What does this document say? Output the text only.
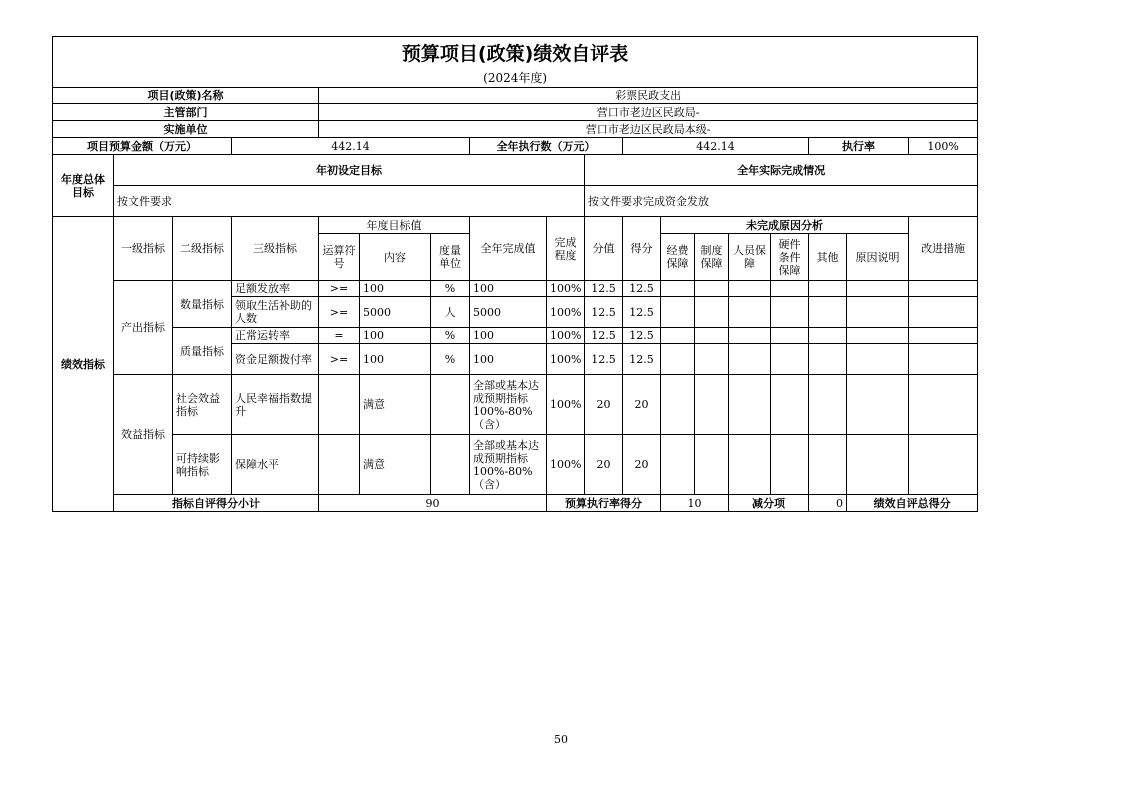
预算项目(政策)绩效自评表																		
(2024年度)																		
项目(政策)名称				彩票民政支出														
主管部门				营口市老边区民政局-														
实施单位				营口市老边区民政局本级-														
项目预算金额（万元）			442.14				全年执行数（万元）			442.14					执行率		100%	
年度总体目标	年初设定目标								全年实际完成情况									
	按文件要求								按文件要求完成资金发放									
绩效指标	一级指标	二级指标	三级指标	年度目标值			全年完成值	完成程度	分值	得分	未完成原因分析						改进措施	
				运算符号	内容	度量单位					经费保障	制度保障	人员保障	硬件条件保障	其他	原因说明		
	产出指标	数量指标	足额发放率	>=	100	%	100	100%	12.5	12.5								
			领取生活补助的人数	>=	5000	人	5000	100%	12.5	12.5								
		质量指标	正常运转率	=	100	%	100	100%	12.5	12.5								
			资金足额拨付率	>=	100	%	100	100%	12.5	12.5								
	效益指标	社会效益指标	人民幸福指数提升		满意		全部或基本达成预期指标100%-80%（含）	100%	20	20								
		可持续影响指标	保障水平		满意		全部或基本达成预期指标100%-80%（含）	100%	20	20								
	指标自评得分小计			90				预算执行率得分			10		减分项		0	绩效自评总得分	
50
